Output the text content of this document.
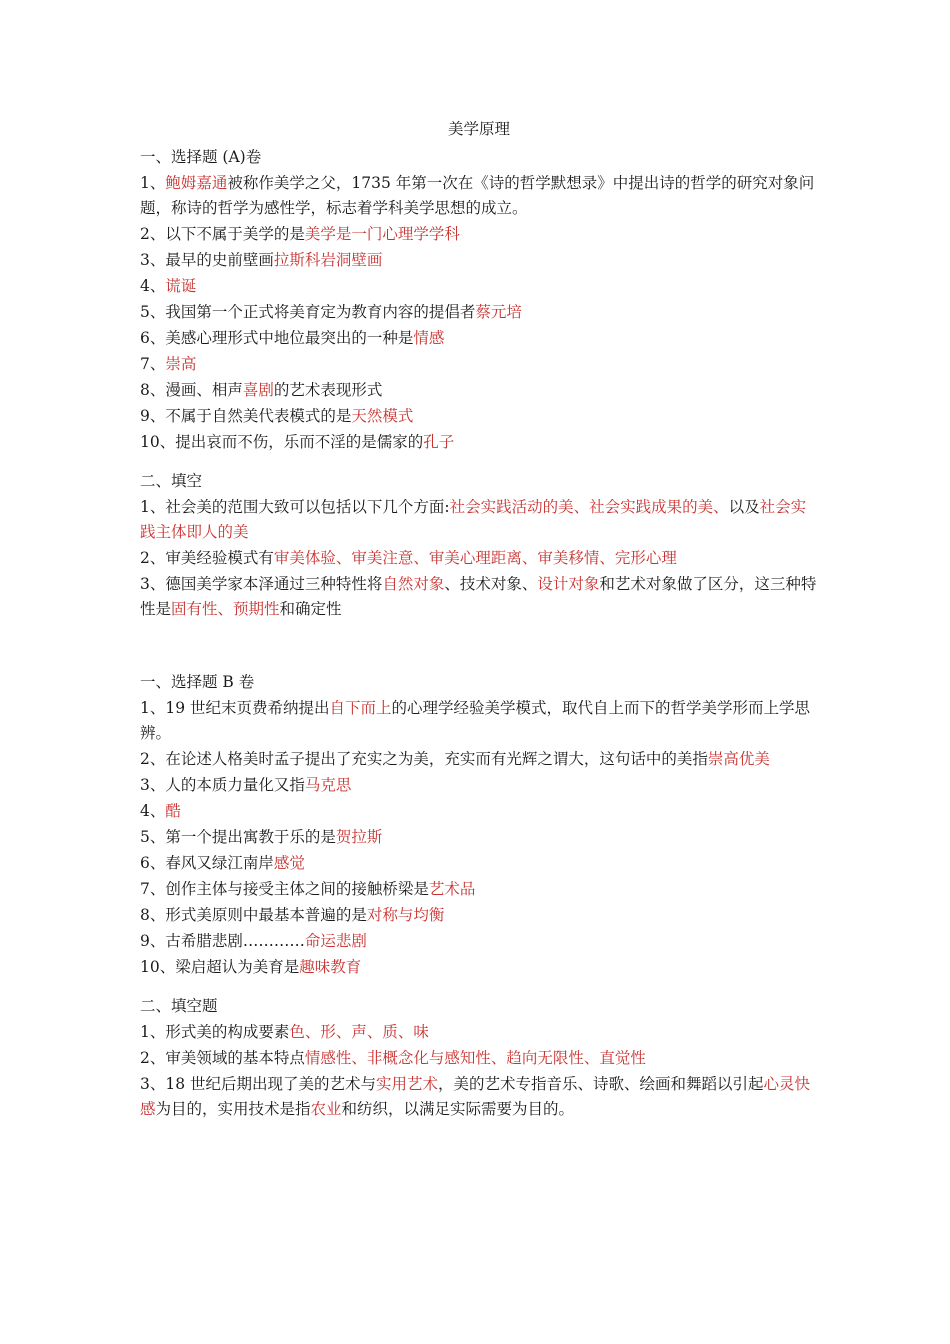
美学原理
一、选择题 (A)卷
1、鲍姆嘉通被称作美学之父，1735 年第一次在《诗的哲学默想录》中提出诗的哲学的研究对象问题，称诗的哲学为感性学，标志着学科美学思想的成立。
2、以下不属于美学的是美学是一门心理学学科
3、最早的史前壁画拉斯科岩洞壁画
4、谎诞
5、我国第一个正式将美育定为教育内容的提倡者蔡元培
6、美感心理形式中地位最突出的一种是情感
7、崇高
8、漫画、相声喜剧的艺术表现形式
9、不属于自然美代表模式的是天然模式
10、提出哀而不伤，乐而不淫的是儒家的孔子
二、填空
1、社会美的范围大致可以包括以下几个方面:社会实践活动的美、社会实践成果的美、以及社会实践主体即人的美
2、审美经验模式有审美体验、审美注意、审美心理距离、审美移情、完形心理
3、德国美学家本泽通过三种特性将自然对象、技术对象、设计对象和艺术对象做了区分，这三种特性是固有性、预期性和确定性
一、选择题 B 卷
1、19 世纪末页费希纳提出自下而上的心理学经验美学模式，取代自上而下的哲学美学形而上学思辨。
2、在论述人格美时孟子提出了充实之为美，充实而有光辉之谓大，这句话中的美指崇高优美
3、人的本质力量化又指马克思
4、酷
5、第一个提出寓教于乐的是贺拉斯
6、春风又绿江南岸感觉
7、创作主体与接受主体之间的接触桥梁是艺术品
8、形式美原则中最基本普遍的是对称与均衡
9、古希腊悲剧…………命运悲剧
10、梁启超认为美育是趣味教育
二、填空题
1、形式美的构成要素色、形、声、质、味
2、审美领域的基本特点情感性、非概念化与感知性、趋向无限性、直觉性
3、18 世纪后期出现了美的艺术与实用艺术，美的艺术专指音乐、诗歌、绘画和舞蹈以引起心灵快感为目的，实用技术是指农业和纺织，以满足实际需要为目的。
